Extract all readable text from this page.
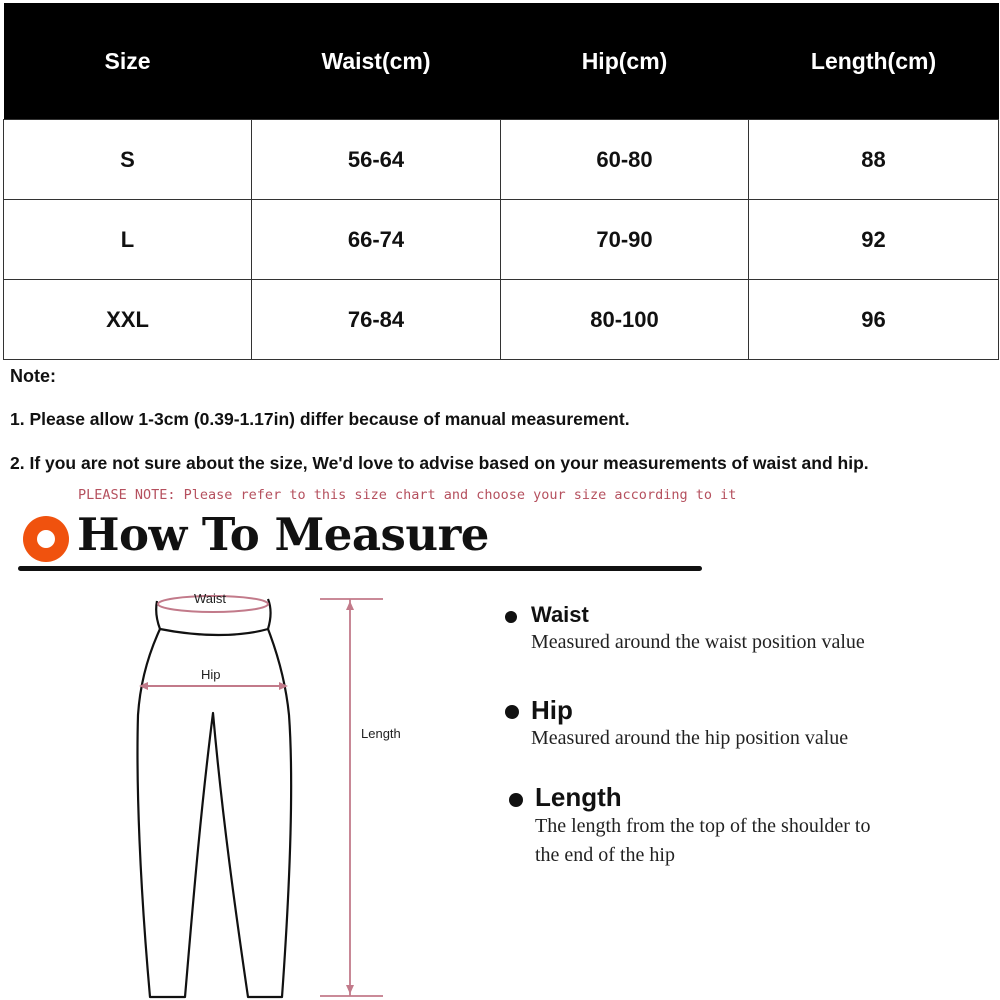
Size	Waist(cm)	Hip(cm)	Length(cm)
S	56-64	60-80	88
L	66-74	70-90	92
XXL	76-84	80-100	96
Note:
1. Please allow 1-3cm (0.39-1.17in) differ because of manual measurement.
2. If you are not sure about the size, We'd love to advise based on your measurements of waist and hip.
PLEASE NOTE: Please refer to this size chart and choose your size according to it
How To Measure
Waist
Hip
Length
Waist
Measured around the waist position value
Hip
Measured around the hip position value
Length
The length from the top of the shoulder to
the end of the hip
